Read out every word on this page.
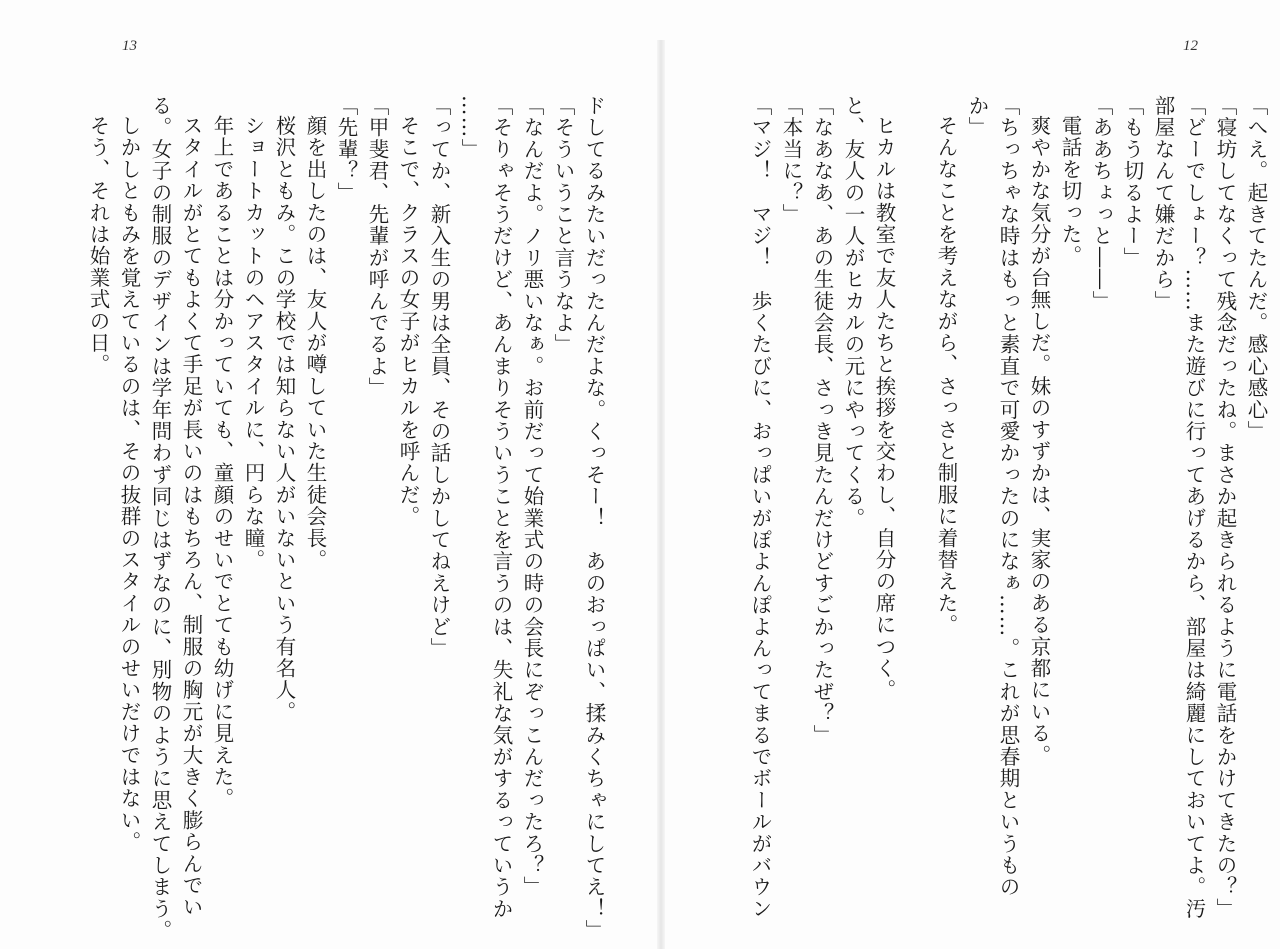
13
ドしてるみたいだったんだよな。くっそー！　あのおっぱい、揉みくちゃにしてえ！」
「そういうこと言うなよ」
「なんだよ。ノリ悪いなぁ。お前だって始業式の時の会長にぞっこんだったろ？」
「そりゃそうだけど、あんまりそういうことを言うのは、失礼な気がするっていうか
……」
「ってか、新入生の男は全員、その話しかしてねえけど」
そこで、クラスの女子がヒカルを呼んだ。
「甲斐君、先輩が呼んでるよ」
「先輩？」
顔を出したのは、友人が噂していた生徒会長。
桜沢ともみ。この学校では知らない人がいないという有名人。
ショートカットのヘアスタイルに、円らな瞳。
年上であることは分かっていても、童顔のせいでとても幼げに見えた。
スタイルがとてもよくて手足が長いのはもちろん、制服の胸元が大きく膨らんでい
る。女子の制服のデザインは学年問わず同じはずなのに、別物のように思えてしまう。
しかしともみを覚えているのは、その抜群のスタイルのせいだけではない。
そう、それは始業式の日。
12
「へえ。起きてたんだ。感心感心」
「寝坊してなくって残念だったね。まさか起きられるように電話をかけてきたの？」
「どーでしょー？……また遊びに行ってあげるから、部屋は綺麗にしておいてよ。汚
部屋なんて嫌だから」
「もう切るよー」
「ああちょっと――」
電話を切った。
爽やかな気分が台無しだ。妹のすずかは、実家のある京都にいる。
「ちっちゃな時はもっと素直で可愛かったのになぁ……。これが思春期というもの
か」
そんなことを考えながら、さっさと制服に着替えた。
ヒカルは教室で友人たちと挨拶を交わし、自分の席につく。
と、友人の一人がヒカルの元にやってくる。
「なあなあ、あの生徒会長、さっき見たんだけどすごかったぜ？」
「本当に？」
「マジ！　マジ！　歩くたびに、おっぱいがぽよんぽよんってまるでボールがバウン
